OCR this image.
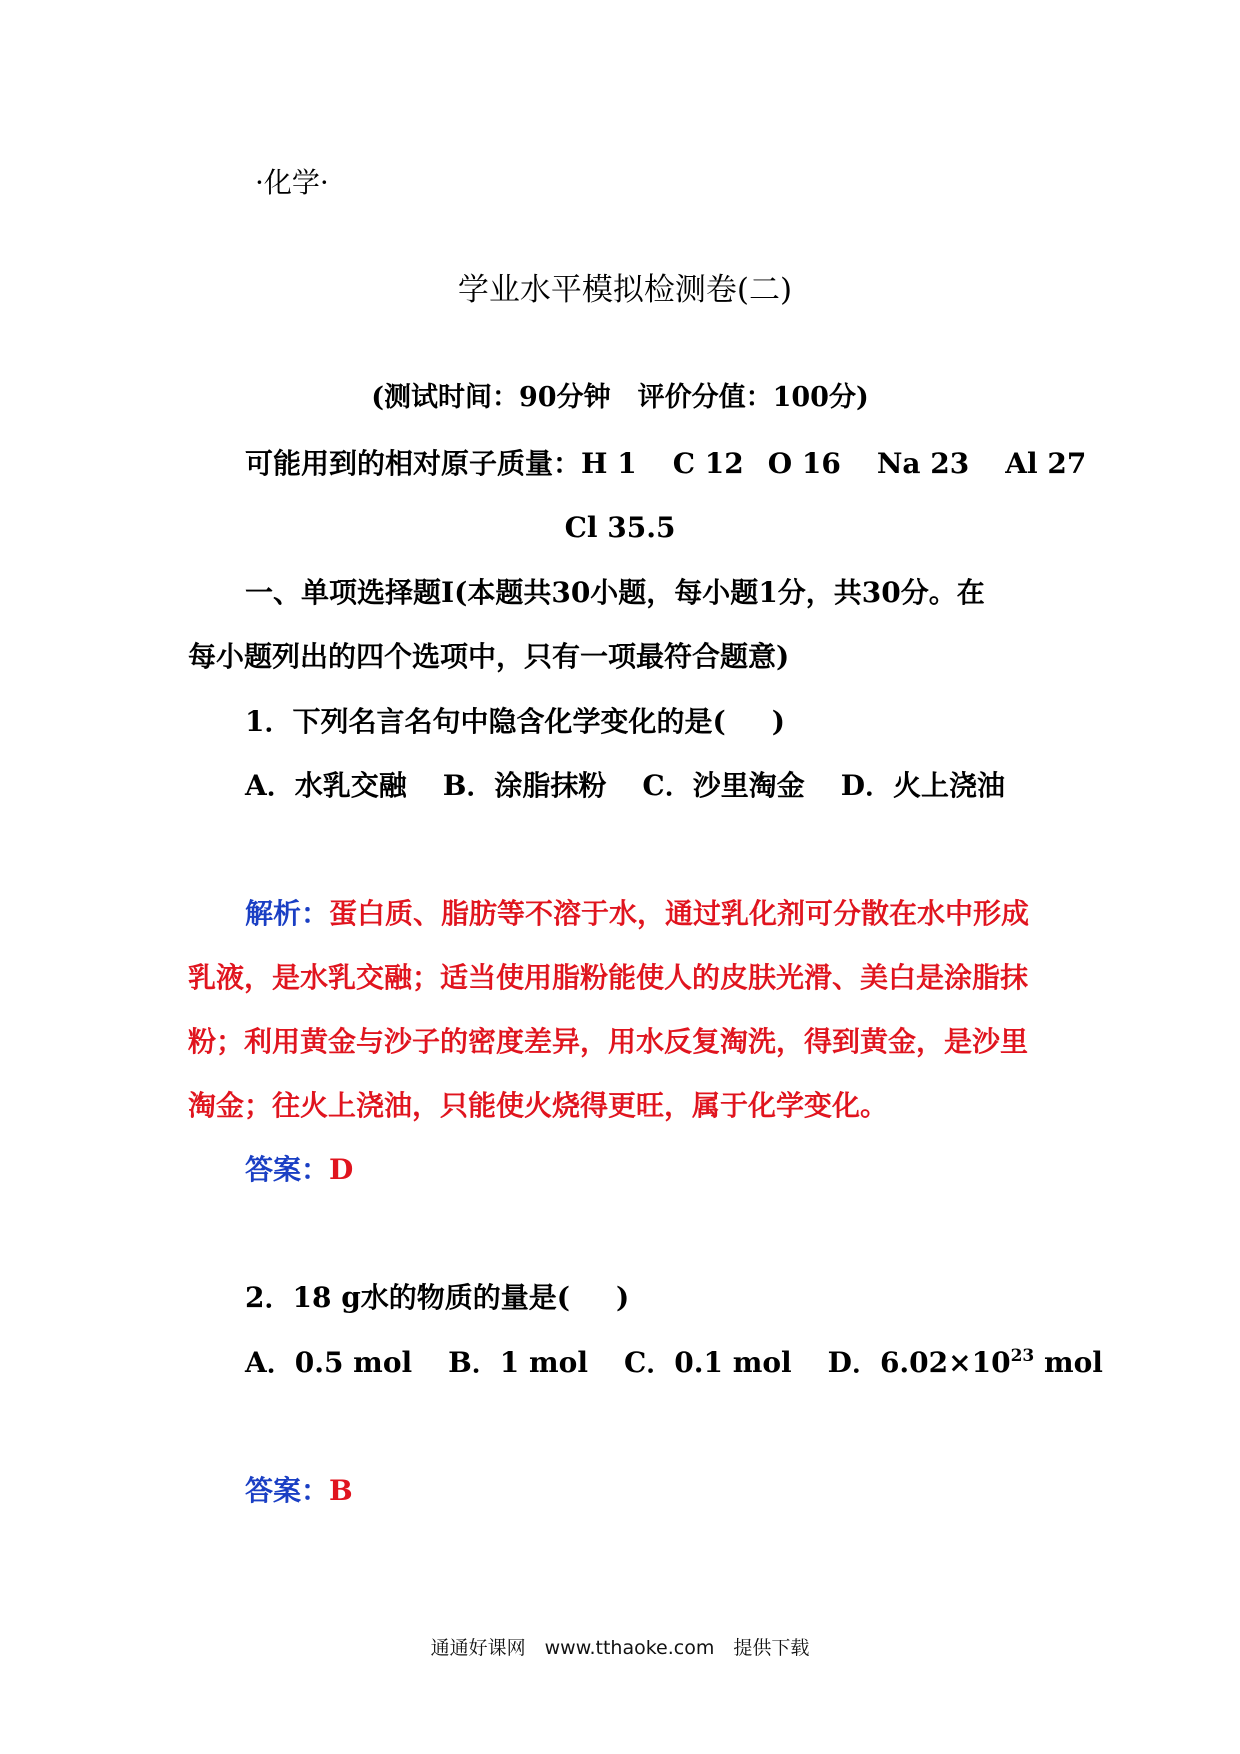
·化学·
学业水平模拟检测卷(二)
(测试时间：90分钟　评价分值：100分)
可能用到的相对原子质量：H 1 C 12 O 16 Na 23 Al 27
Cl 35.5
一、单项选择题Ⅰ(本题共30小题，每小题1分，共30分。在
每小题列出的四个选项中，只有一项最符合题意)
1．下列名言名句中隐含化学变化的是( )
A．水乳交融 B．涂脂抹粉 C．沙里淘金 D．火上浇油
解析：蛋白质、脂肪等不溶于水，通过乳化剂可分散在水中形成
乳液，是水乳交融；适当使用脂粉能使人的皮肤光滑、美白是涂脂抹
粉；利用黄金与沙子的密度差异，用水反复淘洗，得到黄金，是沙里
淘金；往火上浇油，只能使火烧得更旺，属于化学变化。
答案：D
2．18 g水的物质的量是( )
A．0.5 mol B．1 mol C．0.1 mol D．$6.02\times 10^{23}$ mol
答案：B
通通好课网　www.tthaoke.com　提供下载
